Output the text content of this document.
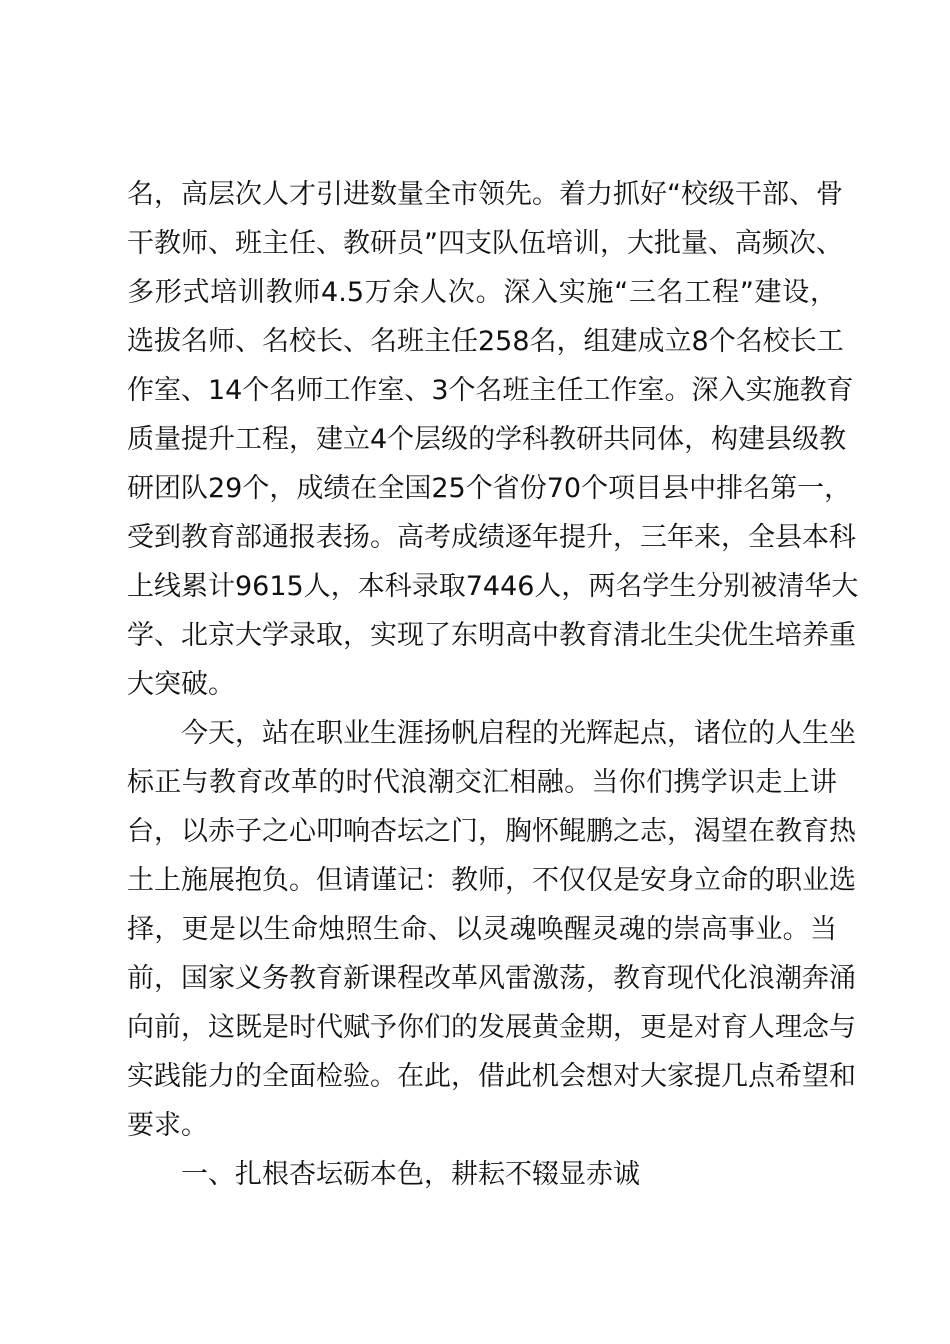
名，高层次人才引进数量全市领先。着力抓好“校级干部、骨
干教师、班主任、教研员”四支队伍培训，大批量、高频次、
多形式培训教师4.5万余人次。深入实施“三名工程”建设，
选拔名师、名校长、名班主任258名，组建成立8个名校长工
作室、14个名师工作室、3个名班主任工作室。深入实施教育
质量提升工程，建立4个层级的学科教研共同体，构建县级教
研团队29个，成绩在全国25个省份70个项目县中排名第一，
受到教育部通报表扬。高考成绩逐年提升，三年来，全县本科
上线累计9615人，本科录取7446人，两名学生分别被清华大
学、北京大学录取，实现了东明高中教育清北生尖优生培养重
大突破。
今天，站在职业生涯扬帆启程的光辉起点，诸位的人生坐
标正与教育改革的时代浪潮交汇相融。当你们携学识走上讲
台，以赤子之心叩响杏坛之门，胸怀鲲鹏之志，渴望在教育热
土上施展抱负。但请谨记：教师，不仅仅是安身立命的职业选
择，更是以生命烛照生命、以灵魂唤醒灵魂的崇高事业。当
前，国家义务教育新课程改革风雷激荡，教育现代化浪潮奔涌
向前，这既是时代赋予你们的发展黄金期，更是对育人理念与
实践能力的全面检验。在此，借此机会想对大家提几点希望和
要求。
一、扎根杏坛砺本色，耕耘不辍显赤诚
